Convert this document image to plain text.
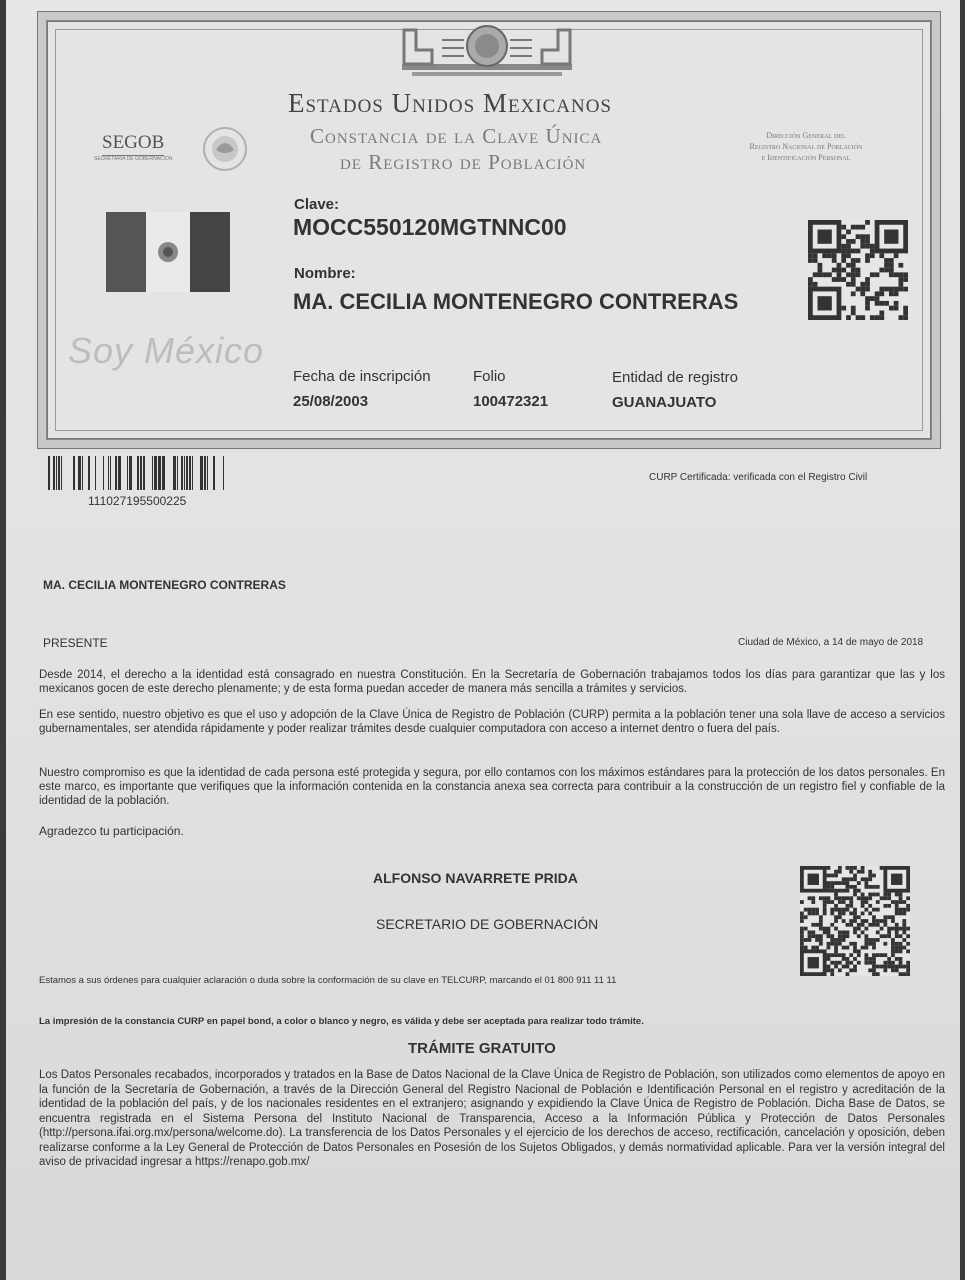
Estados Unidos Mexicanos
Constancia de la Clave Única
de Registro de Población
SEGOB
SECRETARÍA DE GOBERNACIÓN
Dirección General del
Registro Nacional de Población
e Identificación Personal
Soy México
Clave:
MOCC550120MGTNNC00
Nombre:
MA. CECILIA MONTENEGRO CONTRERAS
Fecha de inscripción
25/08/2003
Folio
100472321
Entidad de registro
GUANAJUATO
111027195500225
CURP Certificada: verificada con el Registro Civil
MA. CECILIA MONTENEGRO CONTRERAS
PRESENTE	Ciudad de México, a 14 de mayo de 2018

Desde 2014, el derecho a la identidad está consagrado en nuestra Constitución. En la Secretaría de Gobernación trabajamos todos los días para garantizar que las y los mexicanos gocen de este derecho plenamente; y de esta forma puedan acceder de manera más sencilla a trámites y servicios.

En ese sentido, nuestro objetivo es que el uso y adopción de la Clave Única de Registro de Población (CURP) permita a la población tener una sola llave de acceso a servicios gubernamentales, ser atendida rápidamente y poder realizar trámites desde cualquier computadora con acceso a internet dentro o fuera del país.

Nuestro compromiso es que la identidad de cada persona esté protegida y segura, por ello contamos con los máximos estándares para la protección de los datos personales. En este marco, es importante que verifiques que la información contenida en la constancia anexa sea correcta para contribuir a la construcción de un registro fiel y confiable de la identidad de la población.

Agradezco tu participación.
ALFONSO NAVARRETE PRIDA
SECRETARIO DE GOBERNACIÓN
Estamos a sus órdenes para cualquier aclaración o duda sobre la conformación de su clave en TELCURP, marcando el 01 800 911 11 11
La impresión de la constancia CURP en papel bond, a color o blanco y negro, es válida y debe ser aceptada para realizar todo trámite.
TRÁMITE GRATUITO

Los Datos Personales recabados, incorporados y tratados en la Base de Datos Nacional de la Clave Única de Registro de Población, son utilizados como elementos de apoyo en la función de la Secretaría de Gobernación, a través de la Dirección General del Registro Nacional de Población e Identificación Personal en el registro y acreditación de la identidad de la población del país, y de los nacionales residentes en el extranjero; asignando y expidiendo la Clave Única de Registro de Población. Dicha Base de Datos, se encuentra registrada en el Sistema Persona del Instituto Nacional de Transparencia, Acceso a la Información Pública y Protección de Datos Personales (http://persona.ifai.org.mx/persona/welcome.do). La transferencia de los Datos Personales y el ejercicio de los derechos de acceso, rectificación, cancelación y oposición, deben realizarse conforme a la Ley General de Protección de Datos Personales en Posesión de los Sujetos Obligados, y demás normatividad aplicable. Para ver la versión integral del aviso de privacidad ingresar a https://renapo.gob.mx/
